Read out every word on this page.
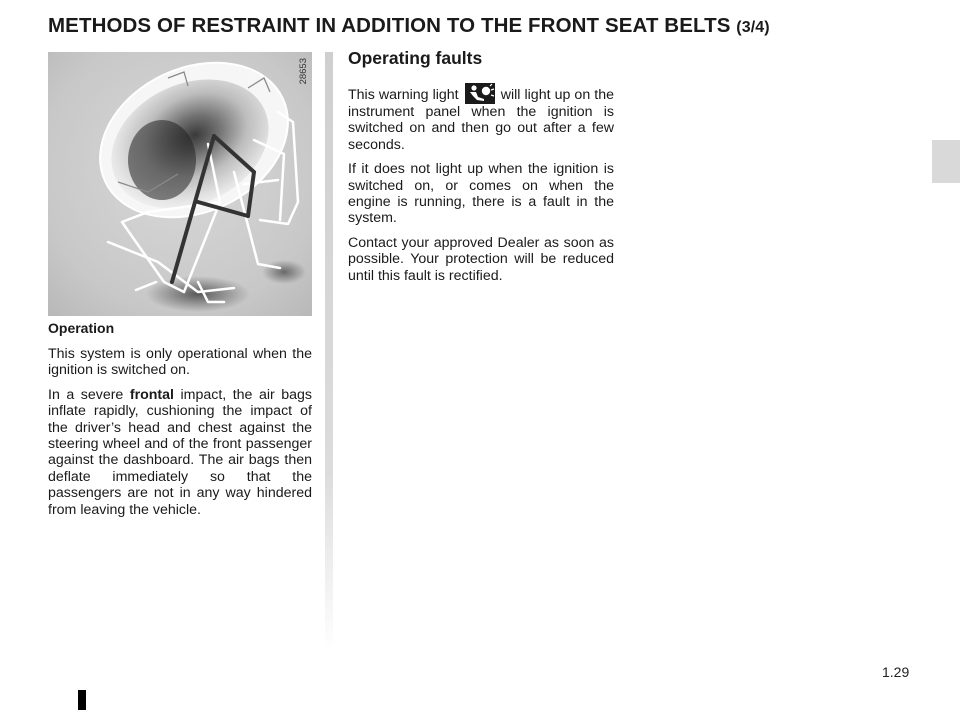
METHODS OF RESTRAINT IN ADDITION TO THE FRONT SEAT BELTS (3/4)
28653
Operation

This system is only operational when the ignition is switched on.

In a severe frontal impact, the air bags inflate rapidly, cushioning the impact of the driver’s head and chest against the steering wheel and of the front passenger against the dashboard. The air bags then deflate immediately so that the passengers are not in any way hindered from leaving the vehicle.

Operating faults

This warning light	will light up on the instrument panel when the ignition is switched on and then go out after a few seconds.

If it does not light up when the ignition is switched on, or comes on when the engine is running, there is a fault in the system.

Contact your approved Dealer as soon as possible. Your protection will be reduced until this fault is rectified.

1.29
